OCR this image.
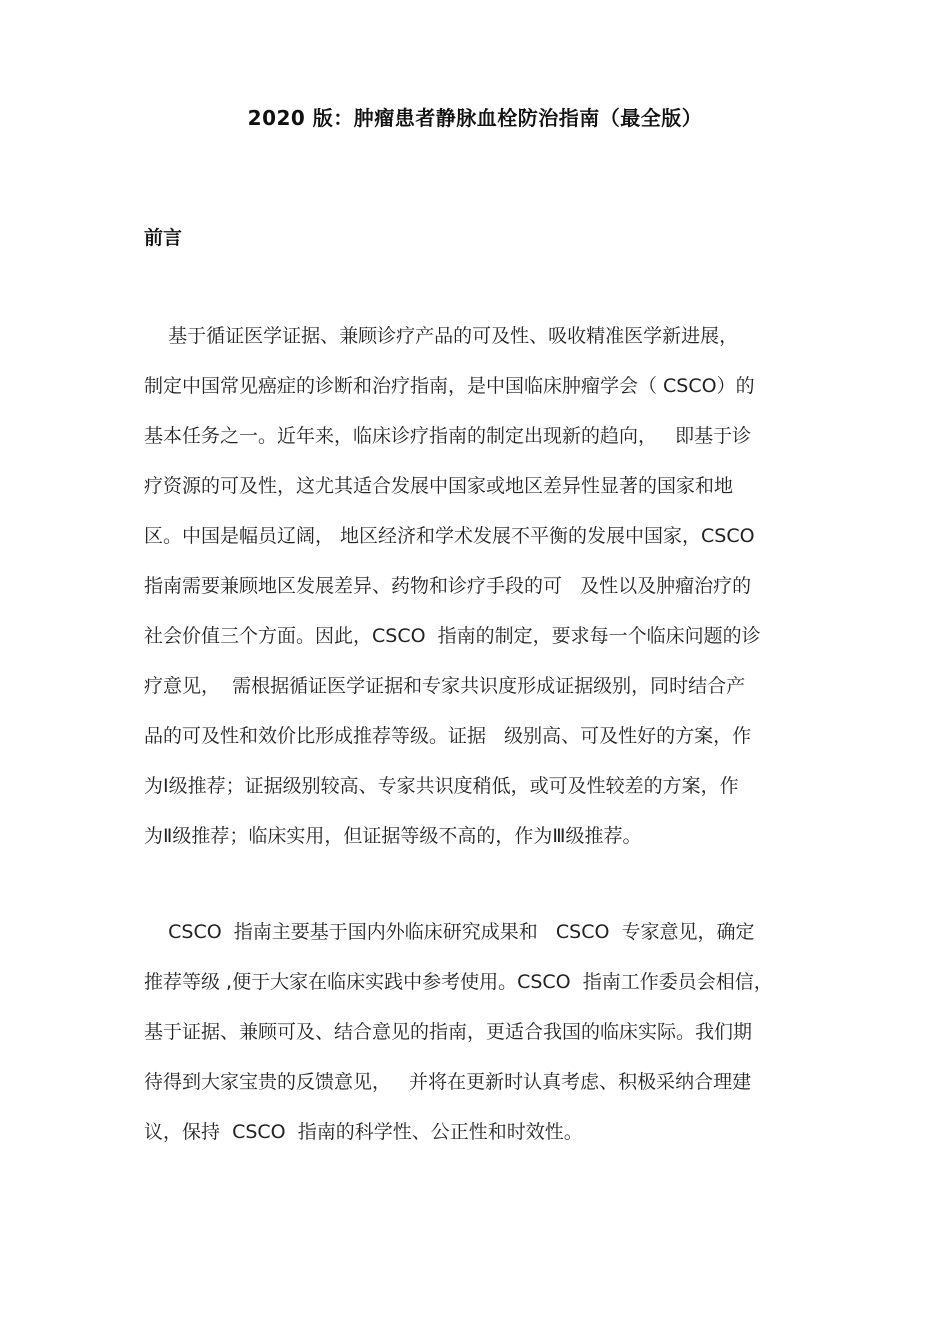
2020 版：肿瘤患者静脉血栓防治指南（最全版）
前言
基于循证医学证据、兼顾诊疗产品的可及性、吸收精准医学新进展，
制定中国常见癌症的诊断和治疗指南，是中国临床肿瘤学会（ CSCO）的
基本任务之一。近年来，临床诊疗指南的制定出现新的趋向，   即基于诊
疗资源的可及性，这尤其适合发展中国家或地区差异性显著的国家和地
区。中国是幅员辽阔， 地区经济和学术发展不平衡的发展中国家，CSCO
指南需要兼顾地区发展差异、药物和诊疗手段的可   及性以及肿瘤治疗的
社会价值三个方面。因此，CSCO  指南的制定，要求每一个临床问题的诊
疗意见，  需根据循证医学证据和专家共识度形成证据级别，同时结合产
品的可及性和效价比形成推荐等级。证据   级别高、可及性好的方案，作
为Ⅰ级推荐；证据级别较高、专家共识度稍低，或可及性较差的方案，作
为Ⅱ级推荐；临床实用，但证据等级不高的，作为Ⅲ级推荐。
CSCO  指南主要基于国内外临床研究成果和   CSCO  专家意见，确定
推荐等级 ,便于大家在临床实践中参考使用。CSCO  指南工作委员会相信，
基于证据、兼顾可及、结合意见的指南，更适合我国的临床实际。我们期
待得到大家宝贵的反馈意见，   并将在更新时认真考虑、积极采纳合理建
议，保持  CSCO  指南的科学性、公正性和时效性。
